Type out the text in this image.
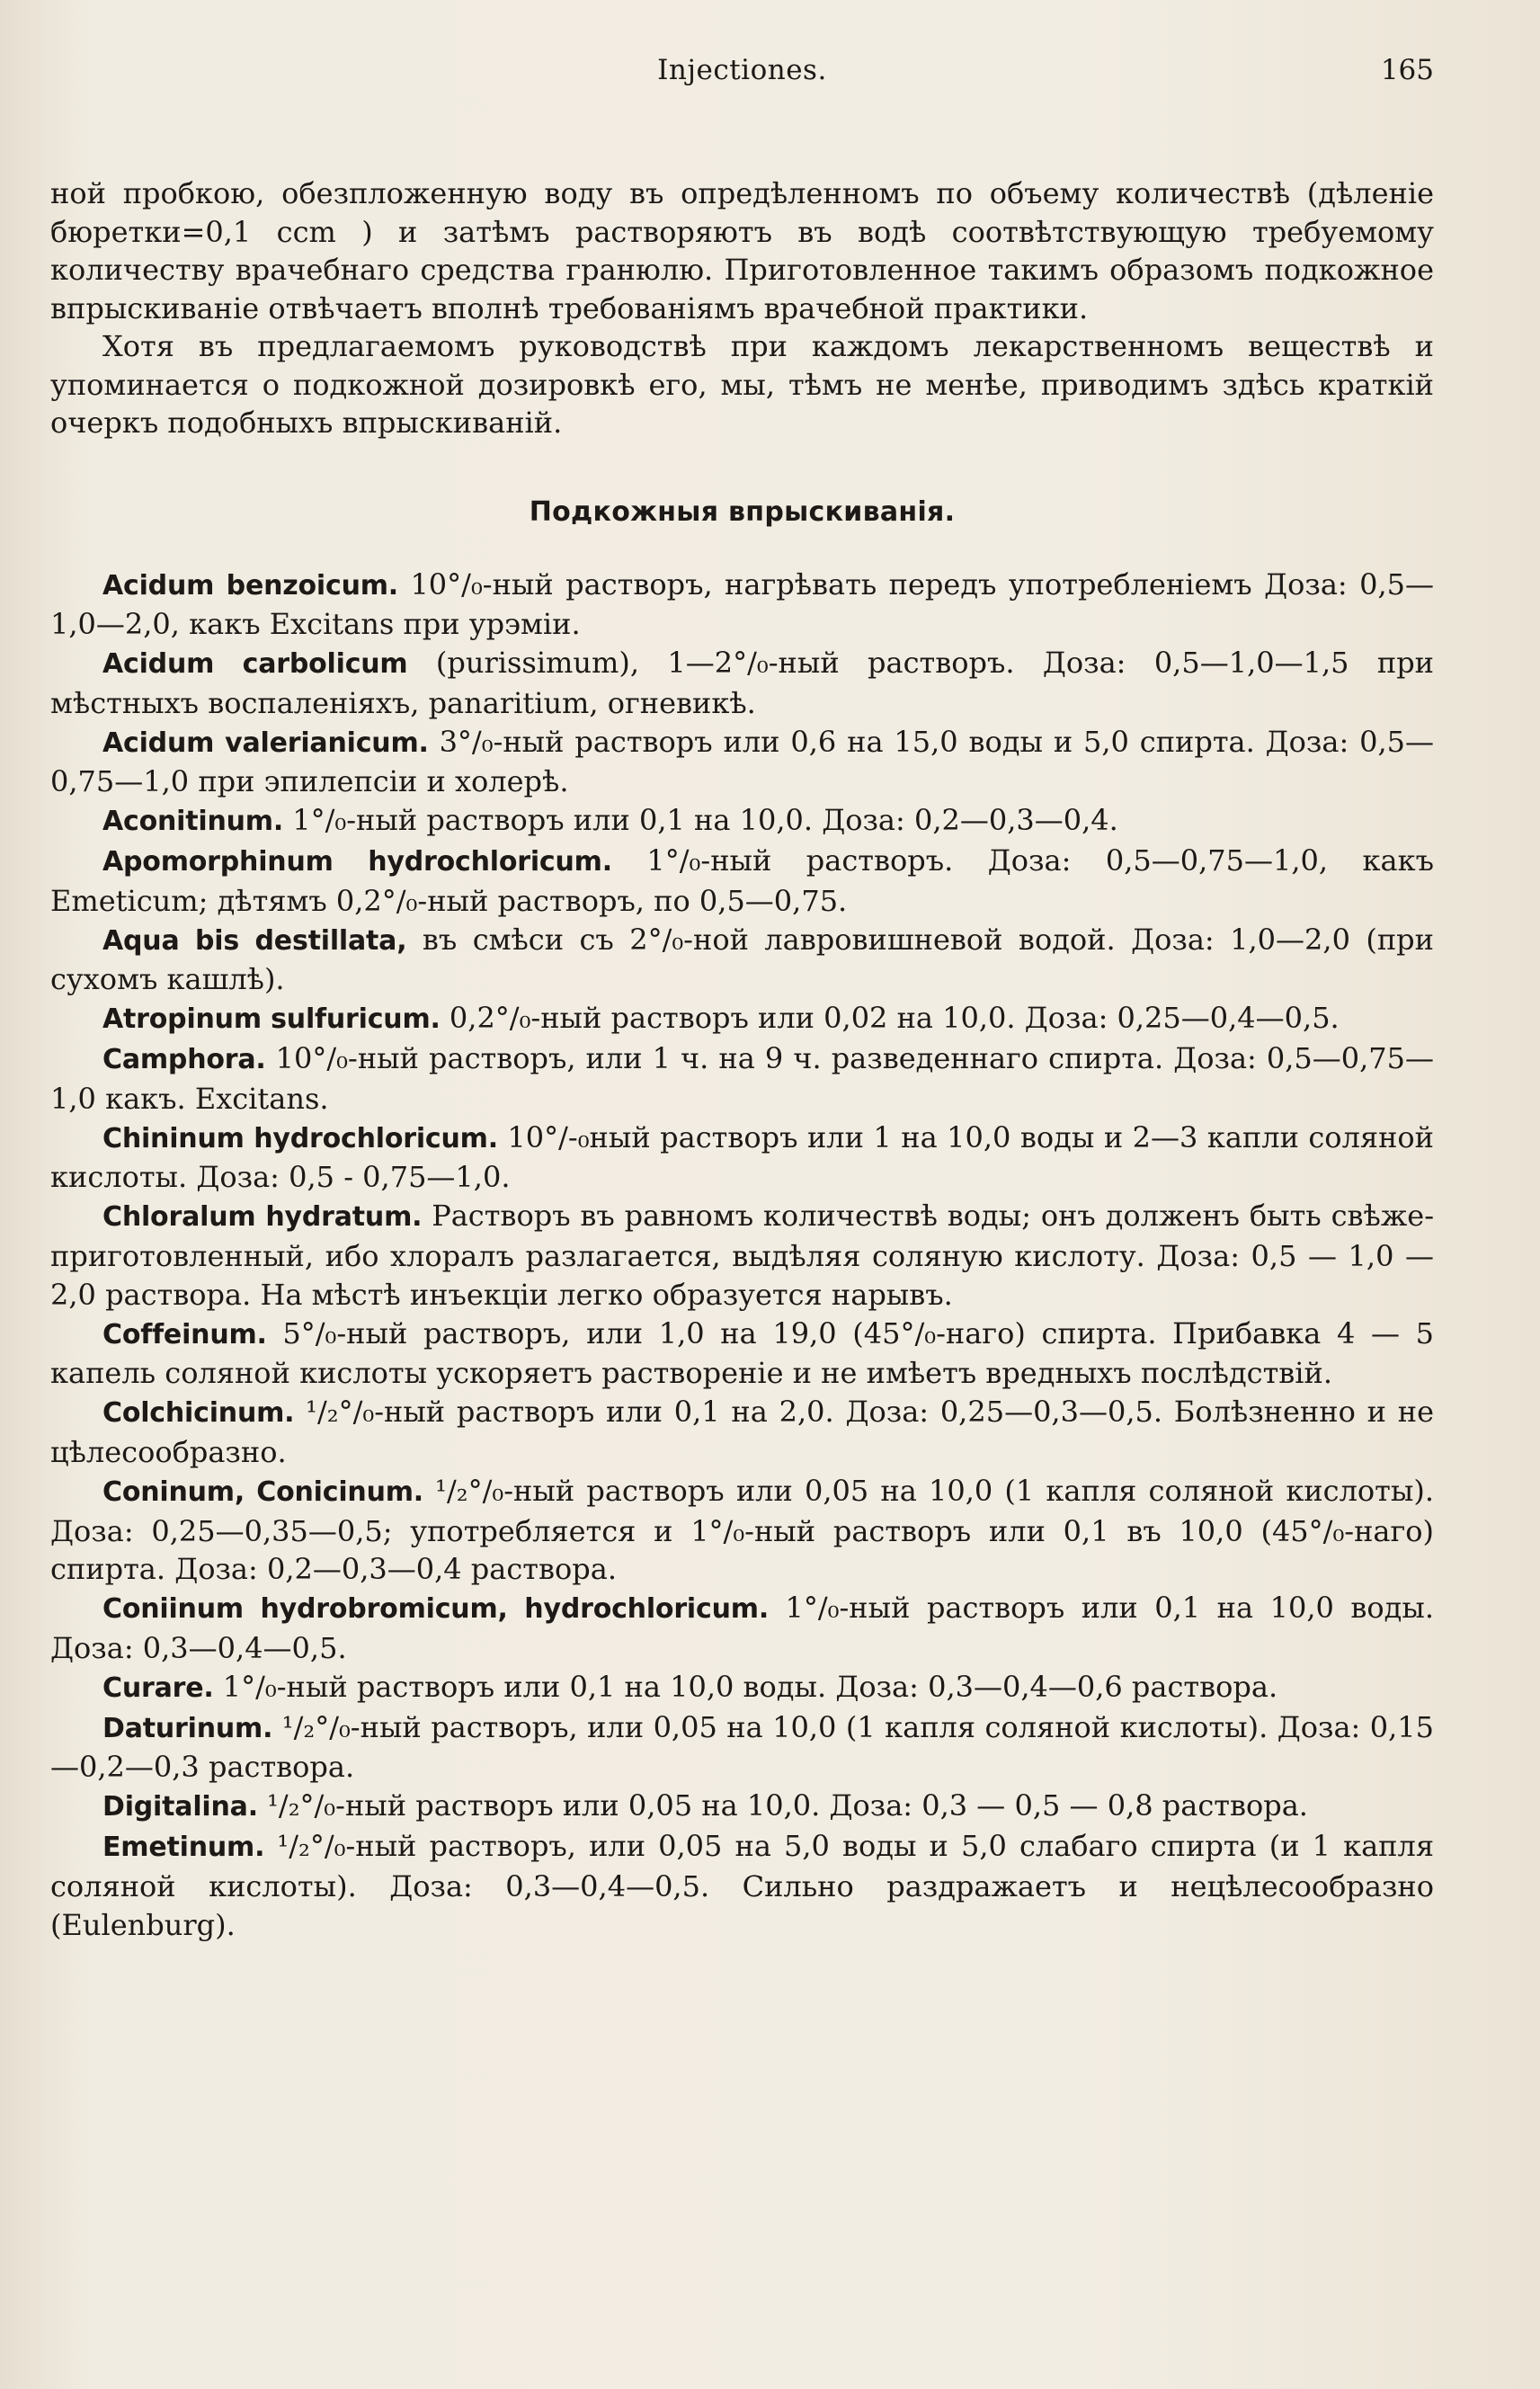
Injectiones.	165

ной пробкою, обезпложенную воду въ опредѣленномъ по объему количествѣ (дѣленіе бюретки=0,1 ccm ) и затѣмъ растворяютъ въ водѣ соотвѣтствующую требуемому количеству врачебнаго средства гранюлю. Приготовленное такимъ образомъ подкожное впрыскиваніе отвѣчаетъ вполнѣ требованіямъ врачебной практики.

Хотя въ предлагаемомъ руководствѣ при каждомъ лекарственномъ веществѣ и упоминается о подкожной дозировкѣ его, мы, тѣмъ не менѣе, приводимъ здѣсь краткій очеркъ подобныхъ впрыскиваній.

Подкожныя впрыскиванія.

Acidum benzoicum. 10°/₀-ный растворъ, нагрѣвать передъ употребленіемъ Доза: 0,5—1,0—2,0, какъ Excitans при урэміи.

Acidum carbolicum (purissimum), 1—2°/₀-ный растворъ. Доза: 0,5—1,0—1,5 при мѣстныхъ воспаленіяхъ, panaritium, огневикѣ.

Acidum valerianicum. 3°/₀-ный растворъ или 0,6 на 15,0 воды и 5,0 спирта. Доза: 0,5—0,75—1,0 при эпилепсіи и холерѣ.

Aconitinum. 1°/₀-ный растворъ или 0,1 на 10,0. Доза: 0,2—0,3—0,4.

Apomorphinum hydrochloricum. 1°/₀-ный растворъ. Доза: 0,5—0,75—1,0, какъ Emeticum; дѣтямъ 0,2°/₀-ный растворъ, по 0,5—0,75.

Aqua bis destillata, въ смѣси съ 2°/₀-ной лавровишневой водой. Доза: 1,0—2,0 (при сухомъ кашлѣ).

Atropinum sulfuricum. 0,2°/₀-ный растворъ или 0,02 на 10,0. Доза: 0,25—0,4—0,5.

Camphora. 10°/₀-ный растворъ, или 1 ч. на 9 ч. разведеннаго спирта. Доза: 0,5—0,75—1,0 какъ. Excitans.

Chininum hydrochloricum. 10°/-₀ный растворъ или 1 на 10,0 воды и 2—3 капли соляной кислоты. Доза: 0,5 - 0,75—1,0.

Chloralum hydratum. Растворъ въ равномъ количествѣ воды; онъ долженъ быть свѣже-приготовленный, ибо хлоралъ разлагается, выдѣляя соляную кислоту. Доза: 0,5 — 1,0 — 2,0 раствора. На мѣстѣ инъекціи легко образуется нарывъ.

Coffeinum. 5°/₀-ный растворъ, или 1,0 на 19,0 (45°/₀-наго) спирта. Прибавка 4 — 5 капель соляной кислоты ускоряетъ раствореніе и не имѣетъ вредныхъ послѣдствій.

Colchicinum. ¹/₂°/₀-ный растворъ или 0,1 на 2,0. Доза: 0,25—0,3—0,5. Болѣзненно и не цѣлесообразно.

Coninum, Conicinum. ¹/₂°/₀-ный растворъ или 0,05 на 10,0 (1 капля соляной кислоты). Доза: 0,25—0,35—0,5; употребляется и 1°/₀-ный растворъ или 0,1 въ 10,0 (45°/₀-наго) спирта. Доза: 0,2—0,3—0,4 раствора.

Coniinum hydrobromicum, hydrochloricum. 1°/₀-ный растворъ или 0,1 на 10,0 воды. Доза: 0,3—0,4—0,5.

Curare. 1°/₀-ный растворъ или 0,1 на 10,0 воды. Доза: 0,3—0,4—0,6 раствора.

Daturinum. ¹/₂°/₀-ный растворъ, или 0,05 на 10,0 (1 капля соляной кислоты). Доза: 0,15—0,2—0,3 раствора.

Digitalina. ¹/₂°/₀-ный растворъ или 0,05 на 10,0. Доза: 0,3 — 0,5 — 0,8 раствора.

Emetinum. ¹/₂°/₀-ный растворъ, или 0,05 на 5,0 воды и 5,0 слабаго спирта (и 1 капля соляной кислоты). Доза: 0,3—0,4—0,5. Сильно раздражаетъ и нецѣлесообразно (Eulenburg).
